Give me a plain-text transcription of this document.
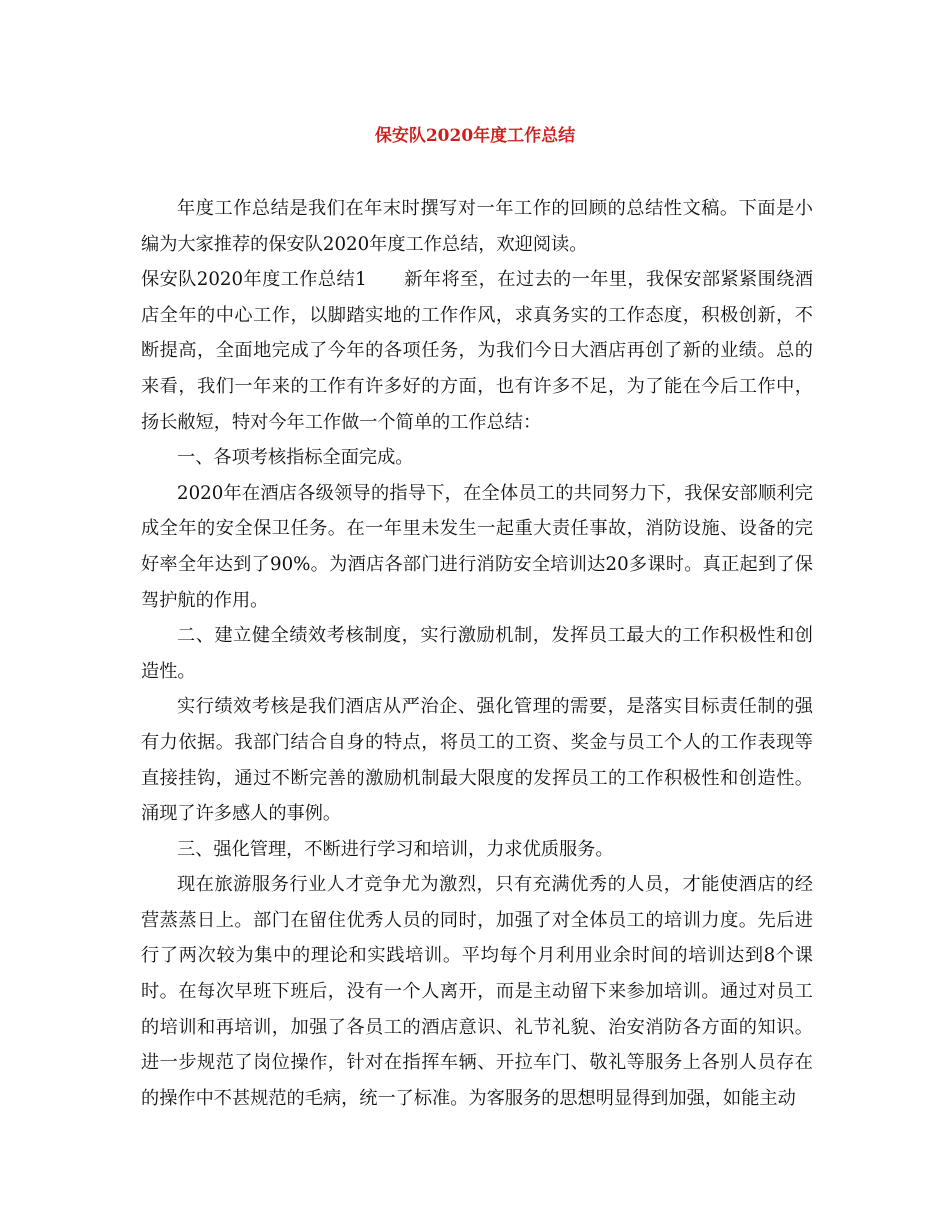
保安队2020年度工作总结

年度工作总结是我们在年末时撰写对一年工作的回顾的总结性文稿。下面是小编为大家推荐的保安队2020年度工作总结，欢迎阅读。

保安队2020年度工作总结1　　新年将至，在过去的一年里，我保安部紧紧围绕酒店全年的中心工作，以脚踏实地的工作作风，求真务实的工作态度，积极创新，不断提高，全面地完成了今年的各项任务，为我们今日大酒店再创了新的业绩。总的来看，我们一年来的工作有许多好的方面，也有许多不足，为了能在今后工作中，扬长敝短，特对今年工作做一个简单的工作总结：

一、各项考核指标全面完成。

2020年在酒店各级领导的指导下，在全体员工的共同努力下，我保安部顺利完成全年的安全保卫任务。在一年里未发生一起重大责任事故，消防设施、设备的完好率全年达到了90%。为酒店各部门进行消防安全培训达20多课时。真正起到了保驾护航的作用。

二、建立健全绩效考核制度，实行激励机制，发挥员工最大的工作积极性和创造性。

实行绩效考核是我们酒店从严治企、强化管理的需要，是落实目标责任制的强有力依据。我部门结合自身的特点，将员工的工资、奖金与员工个人的工作表现等直接挂钩，通过不断完善的激励机制最大限度的发挥员工的工作积极性和创造性。涌现了许多感人的事例。

三、强化管理，不断进行学习和培训，力求优质服务。

现在旅游服务行业人才竞争尤为激烈，只有充满优秀的人员，才能使酒店的经营蒸蒸日上。部门在留住优秀人员的同时，加强了对全体员工的培训力度。先后进行了两次较为集中的理论和实践培训。平均每个月利用业余时间的培训达到8个课时。在每次早班下班后，没有一个人离开，而是主动留下来参加培训。通过对员工的培训和再培训，加强了各员工的酒店意识、礼节礼貌、治安消防各方面的知识。进一步规范了岗位操作，针对在指挥车辆、开拉车门、敬礼等服务上各别人员存在的操作中不甚规范的毛病，统一了标准。为客服务的思想明显得到加强，如能主动
